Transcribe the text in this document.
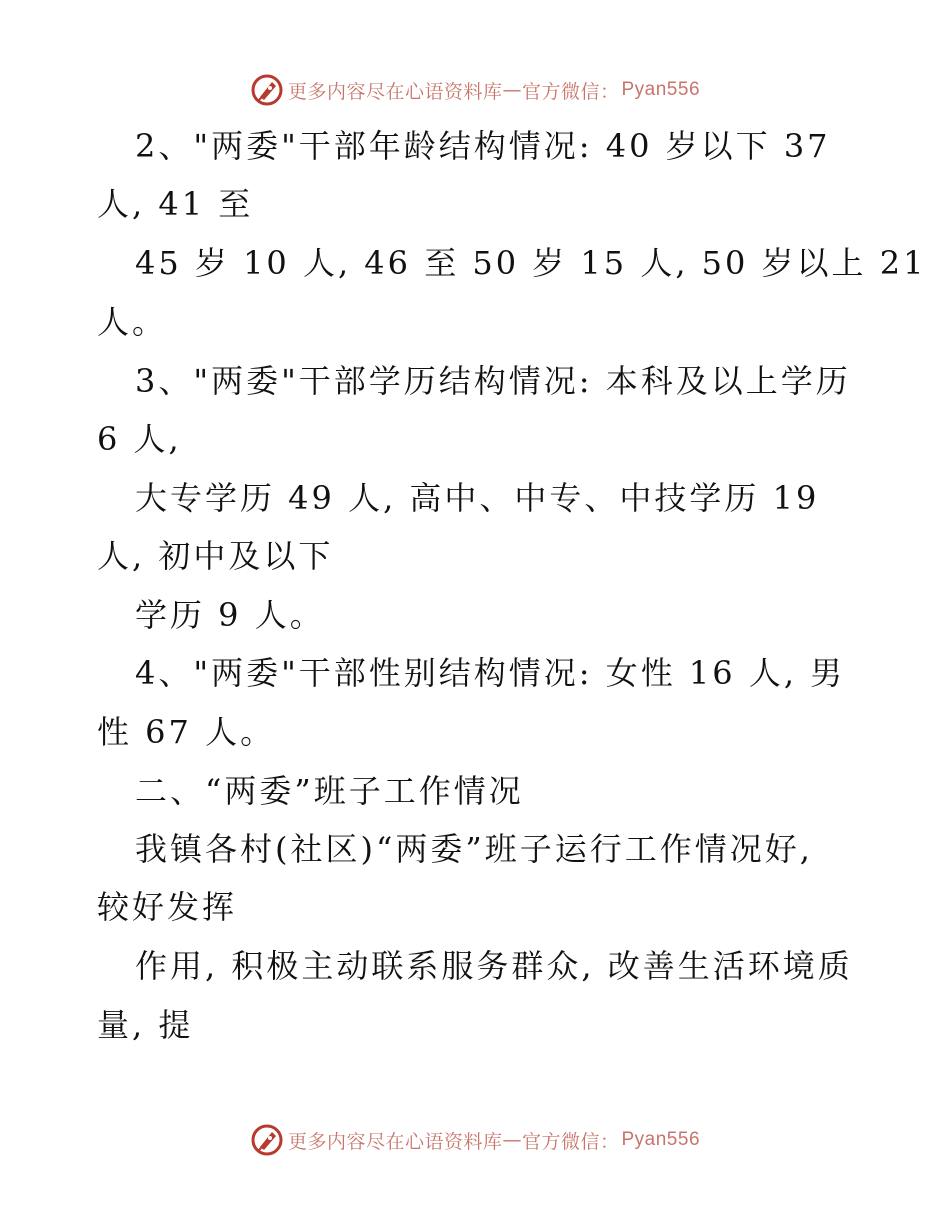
更多内容尽在心语资料库 — 官方微信： Pyan556
2、"两委"干部年龄结构情况: 40 岁以下 37
人, 41 至
45 岁 10 人, 46 至 50 岁 15 人, 50 岁以上 21
人。
3、"两委"干部学历结构情况: 本科及以上学历
6 人,
大专学历 49 人, 高中、中专、中技学历 19
人, 初中及以下
学历 9 人。
4、"两委"干部性别结构情况: 女性 16 人, 男
性 67 人。
二、“两委”班子工作情况
我镇各村(社区)“两委”班子运行工作情况好,
较好发挥
作用, 积极主动联系服务群众, 改善生活环境质
量, 提
更多内容尽在心语资料库 — 官方微信： Pyan556
